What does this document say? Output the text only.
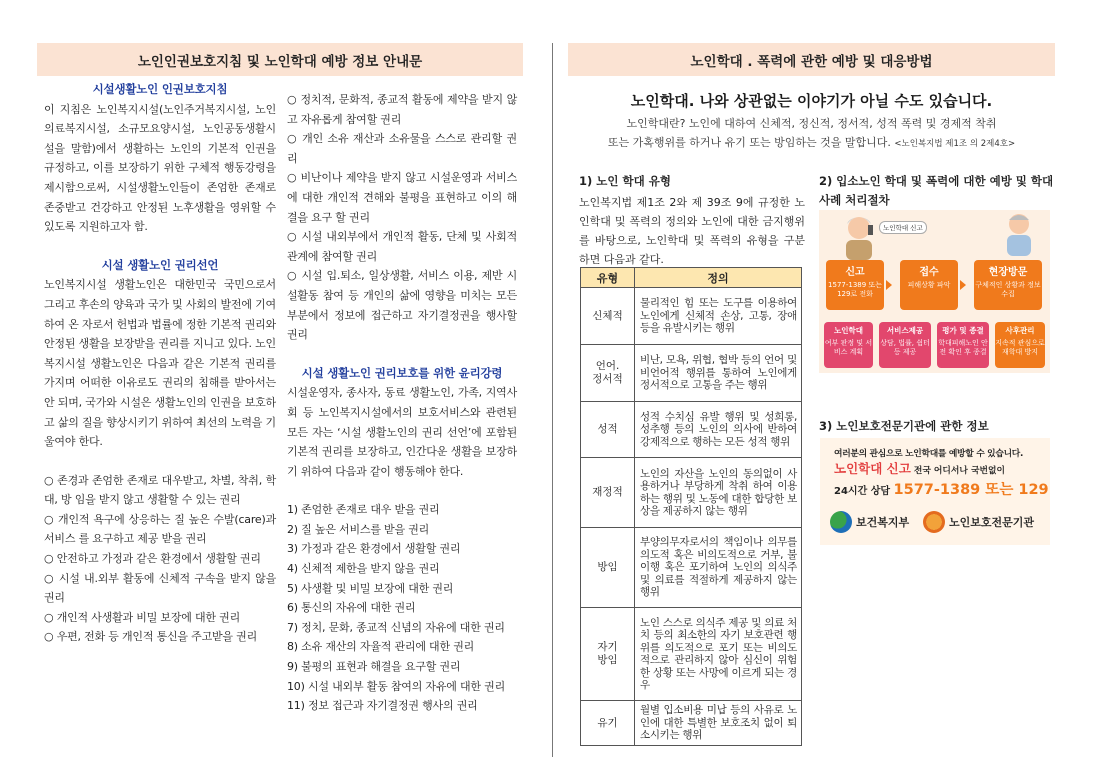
노인인권보호지침 및 노인학대 예방 정보 안내문	노인학대 . 폭력에 관한 예방 및 대응방법
시설생활노인 인권보호지침

이 지침은 노인복지시설(노인주거복지시설, 노인의료복지시설, 소규모요양시설, 노인공동생활시설을 말함)에서 생활하는 노인의 기본적 인권을 규정하고, 이를 보장하기 위한 구체적 행동강령을 제시함으로써, 시설생활노인들이 존엄한 존재로 존중받고 건강하고 안정된 노후생활을 영위할 수 있도록 지원하고자 함.

시설 생활노인 권리선언

노인복지시설 생활노인은 대한민국 국민으로서 그리고 후손의 양육과 국가 및 사회의 발전에 기여하여 온 자로서 헌법과 법률에 정한 기본적 권리와 안정된 생활을 보장받을 권리를 지니고 있다. 노인복지시설 생활노인은 다음과 같은 기본적 권리를 가지며 어떠한 이유로도 권리의 침해를 받아서는 안 되며, 국가와 시설은 생활노인의 인권을 보호하고 삶의 질을 향상시키기 위하여 최선의 노력을 기울여야 한다.

○ 존경과 존엄한 존재로 대우받고, 차별, 착취, 학대, 방 임을 받지 않고 생활할 수 있는 권리

○ 개인적 욕구에 상응하는 질 높은 수발(care)과 서비스 를 요구하고 제공 받을 권리

○ 안전하고 가정과 같은 환경에서 생활할 권리

○ 시설 내.외부 활동에 신체적 구속을 받지 않을 권리

○ 개인적 사생활과 비밀 보장에 대한 권리

○ 우편, 전화 등 개인적 통신을 주고받을 권리

○ 정치적, 문화적, 종교적 활동에 제약을 받지 않고 자유롭게 참여할 권리

○ 개인 소유 재산과 소유물을 스스로 관리할 권리

○ 비난이나 제약을 받지 않고 시설운영과 서비스에 대한 개인적 견해와 불평을 표현하고 이의 해결을 요구 할 권리

○ 시설 내외부에서 개인적 활동, 단체 및 사회적 관계에 참여할 권리

○ 시설 입.퇴소, 일상생활, 서비스 이용, 제반 시설활동 참여 등 개인의 삶에 영향을 미치는 모든 부분에서 정보에 접근하고 자기결정권을 행사할 권리

시설 생활노인 권리보호를 위한 윤리강령

시설운영자, 종사자, 동료 생활노인, 가족, 지역사회 등 노인복지시설에서의 보호서비스와 관련된 모든 자는 ‘시설 생활노인의 권리 선언’에 포함된 기본적 권리를 보장하고, 인간다운 생활을 보장하기 위하여 다음과 같이 행동해야 한다.

1) 존엄한 존재로 대우 받을 권리

2) 질 높은 서비스를 받을 권리

3) 가정과 같은 환경에서 생활할 권리

4) 신체적 제한을 받지 않을 권리

5) 사생활 및 비밀 보장에 대한 권리

6) 통신의 자유에 대한 권리

7) 정치, 문화, 종교적 신념의 자유에 대한 권리

8) 소유 재산의 자율적 관리에 대한 권리

9) 불평의 표현과 해결을 요구할 권리

10) 시설 내외부 활동 참여의 자유에 대한 권리

11) 정보 접근과 자기결정권 행사의 권리

노인학대. 나와 상관없는 이야기가 아닐 수도 있습니다.
노인학대란? 노인에 대하여 신체적, 정신적, 정서적, 성적 폭력 및 경제적 착취
또는 가혹행위를 하거나 유기 또는 방임하는 것을 말합니다. <노인복지법 제1조 의 2제4호>
1) 노인 학대 유형

노인복지법 제1조 2와 제 39조 9에 규정한 노인학대 및 폭력의 정의와 노인에 대한 금지행위를 바탕으로, 노인학대 및 폭력의 유형을 구분하면 다음과 같다.

유형	정의
신체적	물리적인 힘 또는 도구를 이용하여 노인에게 신체적 손상, 고통, 장애 등을 유발시키는 행위
언어.
정서적	비난, 모욕, 위협, 협박 등의 언어 및 비언어적 행위를 통하여 노인에게 정서적으로 고통을 주는 행위
성적	성적 수치심 유발 행위 및 성희롱, 성추행 등의 노인의 의사에 반하여 강제적으로 행하는 모든 성적 행위
재정적	노인의 자산을 노인의 동의없이 사용하거나 부당하게 착취 하여 이용하는 행위 및 노동에 대한 합당한 보상을 제공하지 않는 행위
방임	부양의무자로서의 책임이나 의무를 의도적 혹은 비의도적으로 거부, 불이행 혹은 포기하여 노인의 의식주 및 의료를 적절하게 제공하지 않는 행위
자기
방임	노인 스스로 의식주 제공 및 의료 처치 등의 최소한의 자기 보호관련 행위를 의도적으로 포기 또는 비의도적으로 관리하지 않아 심신이 위험한 상황 또는 사망에 이르게 되는 경우
유기	월별 입소비용 미납 등의 사유로 노인에 대한 특별한 보호조치 없이 퇴소시키는 행위
2) 입소노인 학대 및 폭력에 대한 예방 및 학대 사례 처리절차
노인학대 신고
신고
1577-1389 또는 129로 전화
접수
피해상황 파악
현장방문
구체적인 상황과 정보수집
노인학대
여부 판정 및 서비스 계획
서비스제공
상담, 법률, 쉼터 등 제공
평가 및 종결
학대피해노인 안전 확인 후 종결
사후관리
지속적 관심으로 재학대 방지
3) 노인보호전문기관에 관한 정보
여러분의 관심으로 노인학대를 예방할 수 있습니다.
노인학대 신고 전국 어디서나 국번없이
24시간 상담 1577-1389 또는 129
보건복지부	노인보호전문기관
